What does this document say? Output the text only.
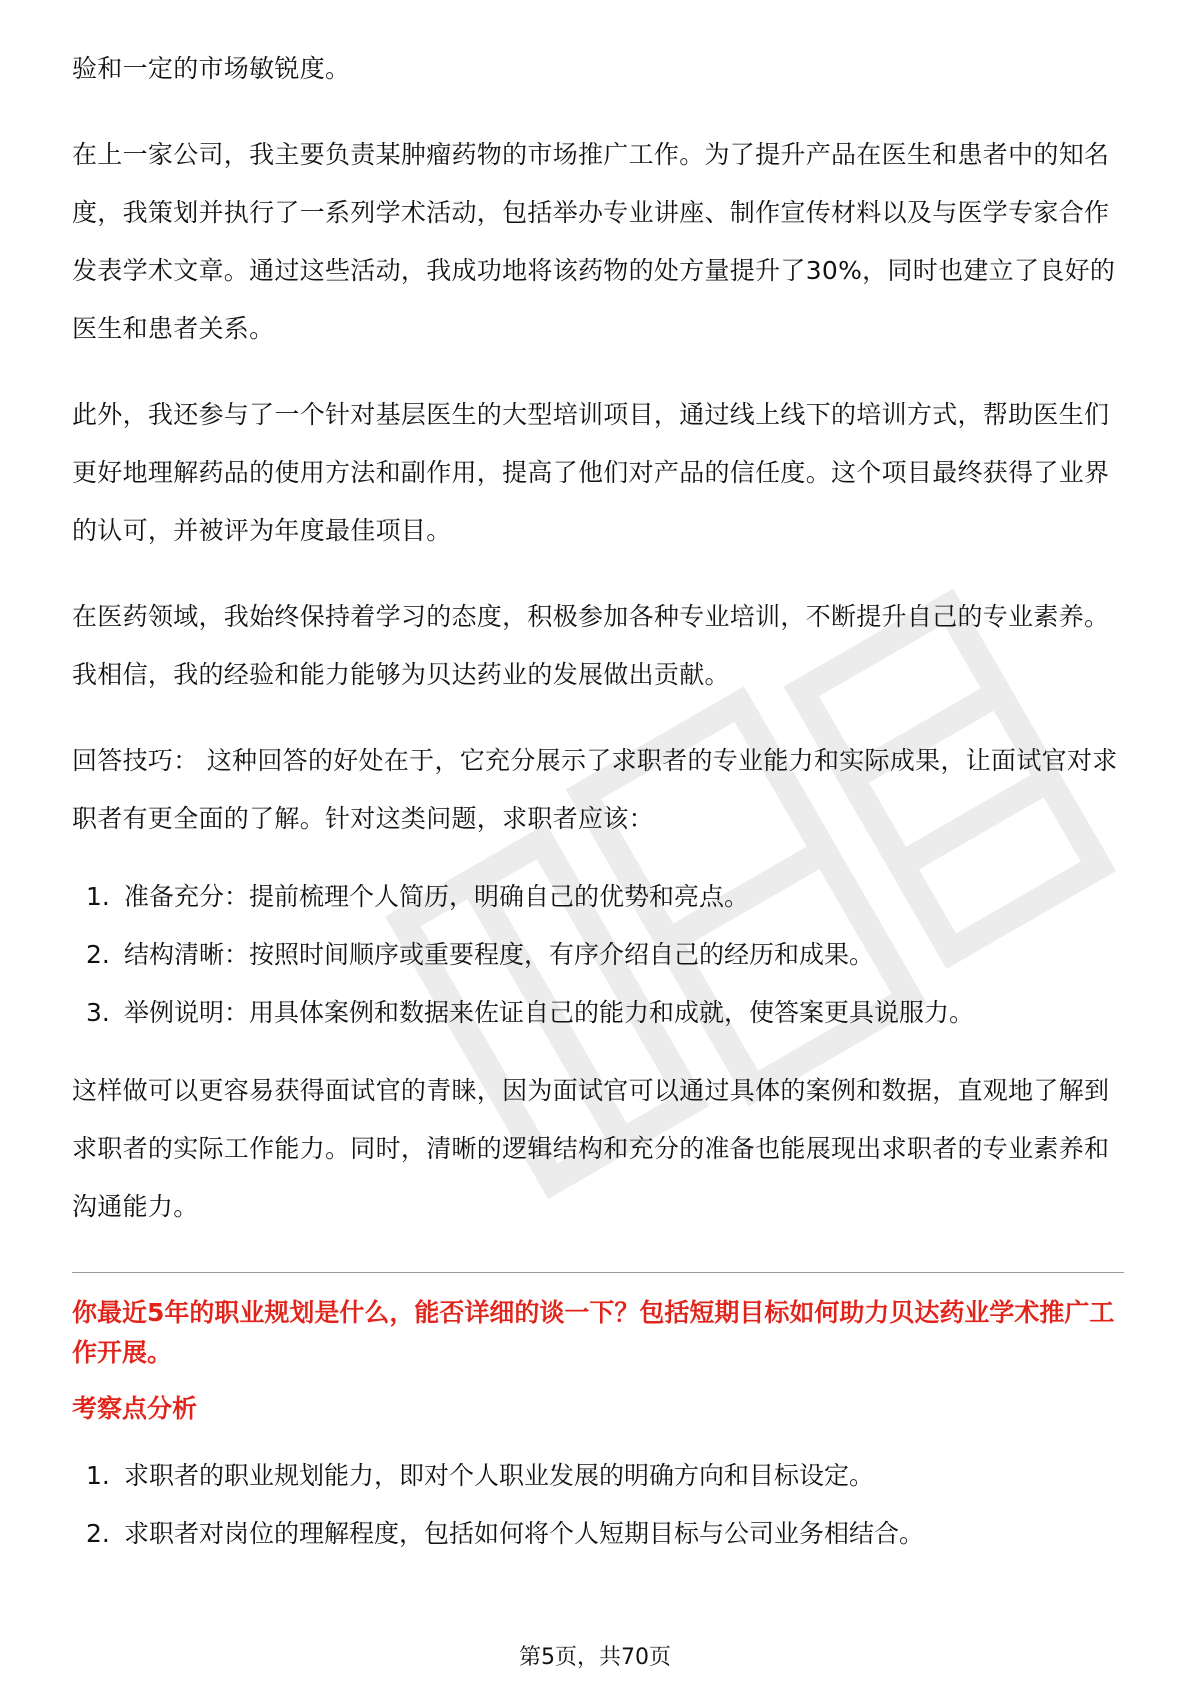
验和一定的市场敏锐度。

在上一家公司，我主要负责某肿瘤药物的市场推广工作。为了提升产品在医生和患者中的知名度，我策划并执行了一系列学术活动，包括举办专业讲座、制作宣传材料以及与医学专家合作发表学术文章。通过这些活动，我成功地将该药物的处方量提升了30%，同时也建立了良好的医生和患者关系。

此外，我还参与了一个针对基层医生的大型培训项目，通过线上线下的培训方式，帮助医生们更好地理解药品的使用方法和副作用，提高了他们对产品的信任度。这个项目最终获得了业界的认可，并被评为年度最佳项目。

在医药领域，我始终保持着学习的态度，积极参加各种专业培训，不断提升自己的专业素养。我相信，我的经验和能力能够为贝达药业的发展做出贡献。

回答技巧： 这种回答的好处在于，它充分展示了求职者的专业能力和实际成果，让面试官对求职者有更全面的了解。针对这类问题，求职者应该：

1. 准备充分：提前梳理个人简历，明确自己的优势和亮点。
2. 结构清晰：按照时间顺序或重要程度，有序介绍自己的经历和成果。
3. 举例说明：用具体案例和数据来佐证自己的能力和成就，使答案更具说服力。

这样做可以更容易获得面试官的青睐，因为面试官可以通过具体的案例和数据，直观地了解到求职者的实际工作能力。同时，清晰的逻辑结构和充分的准备也能展现出求职者的专业素养和沟通能力。

你最近5年的职业规划是什么，能否详细的谈一下？包括短期目标如何助力贝达药业学术推广工作开展。

考察点分析

1. 求职者的职业规划能力，即对个人职业发展的明确方向和目标设定。
2. 求职者对岗位的理解程度，包括如何将个人短期目标与公司业务相结合。
第5页，共70页
